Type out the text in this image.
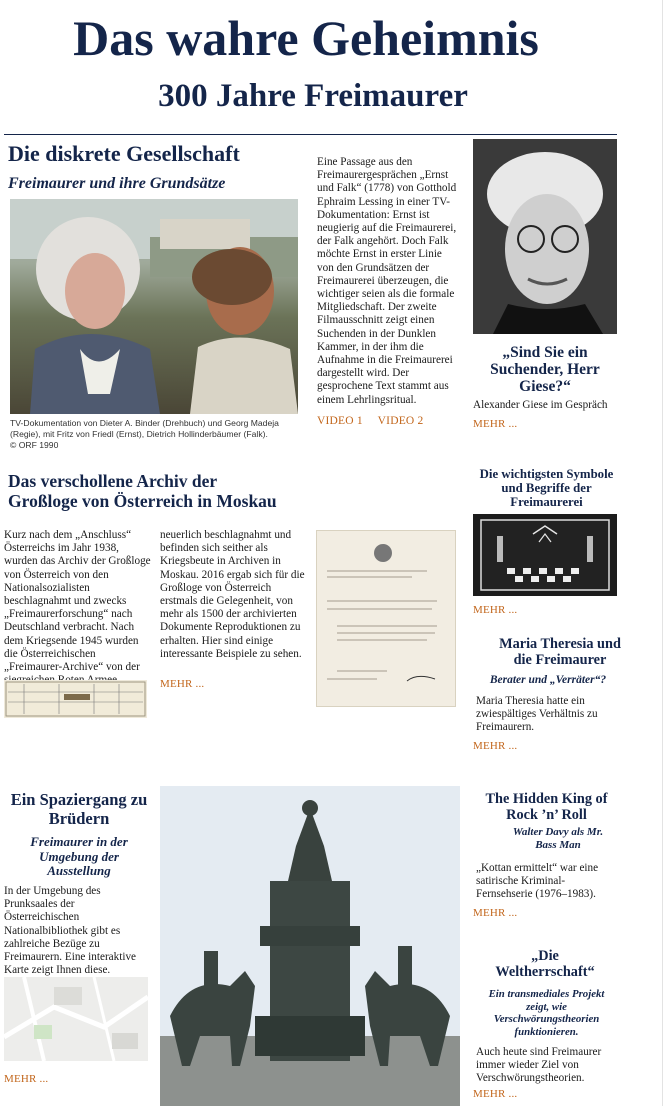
Das wahre Geheimnis
300 Jahre Freimaurer
Die diskrete Gesellschaft
Freimaurer und ihre Grundsätze
TV-Dokumentation von Dieter A. Binder (Drehbuch) und Georg Madeja
(Regie), mit Fritz von Friedl (Ernst), Dietrich Hollinderbäumer (Falk).
© ORF 1990
Eine Passage aus den Freimaurergesprächen „Ernst und Falk“ (1778) von Gotthold Ephraim Lessing in einer TV-Dokumentation: Ernst ist neugierig auf die Freimaurerei, der Falk angehört. Doch Falk möchte Ernst in erster Linie von den Grundsätzen der Freimaurerei überzeugen, die wichtiger seien als die formale Mitgliedschaft. Der zweite Filmausschnitt zeigt einen Suchenden in der Dunklen Kammer, in der ihm die Aufnahme in die Freimaurerei dargestellt wird. Der gesprochene Text stammt aus einem Lehrlingsritual.
VIDEO 1 VIDEO 2
„Sind Sie ein Suchender, Herr Giese?“
Alexander Giese im Gespräch
MEHR ...
Das verschollene Archiv der
Großloge von Österreich in Moskau
Kurz nach dem „Anschluss“ Österreichs im Jahr 1938, wurden das Archiv der Großloge von Österreich von den Nationalsozialisten beschlagnahmt und zwecks „Freimaurerforschung“ nach Deutschland verbracht. Nach dem Kriegsende 1945 wurden die Österreichischen „Freimaurer-Archive“ von der
neuerlich beschlagnahmt und befinden sich seither als Kriegsbeute in Archiven in Moskau. 2016 ergab sich für die Großloge von Österreich erstmals die Gelegenheit, von mehr als 1500 der archivierten Dokumente Reproduktionen zu erhalten. Hier sind einige interessante Beispiele zu sehen.
MEHR ...
Die wichtigsten Symbole und Begriffe der Freimaurerei
MEHR ...
Maria Theresia und die Freimaurer
Berater und „Verräter“?
Maria Theresia hatte ein zwiespältiges Verhältnis zu Freimaurern.
MEHR ...
Ein Spaziergang zu Brüdern
Freimaurer in der Umgebung der Ausstellung
In der Umgebung des Prunksaales der Österreichischen Nationalbibliothek gibt es zahlreiche Bezüge zu Freimaurern. Eine interaktive Karte zeigt Ihnen diese.
MEHR ...
The Hidden King of Rock ’n’ Roll
Walter Davy als Mr. Bass Man
„Kottan ermittelt“ war eine satirische Kriminal-Fernsehserie (1976–1983).
MEHR ...
„Die Weltherrschaft“
Ein transmediales Projekt zeigt, wie Verschwörungstheorien funktionieren.
Auch heute sind Freimaurer immer wieder Ziel von Verschwörungstheorien.
MEHR ...
